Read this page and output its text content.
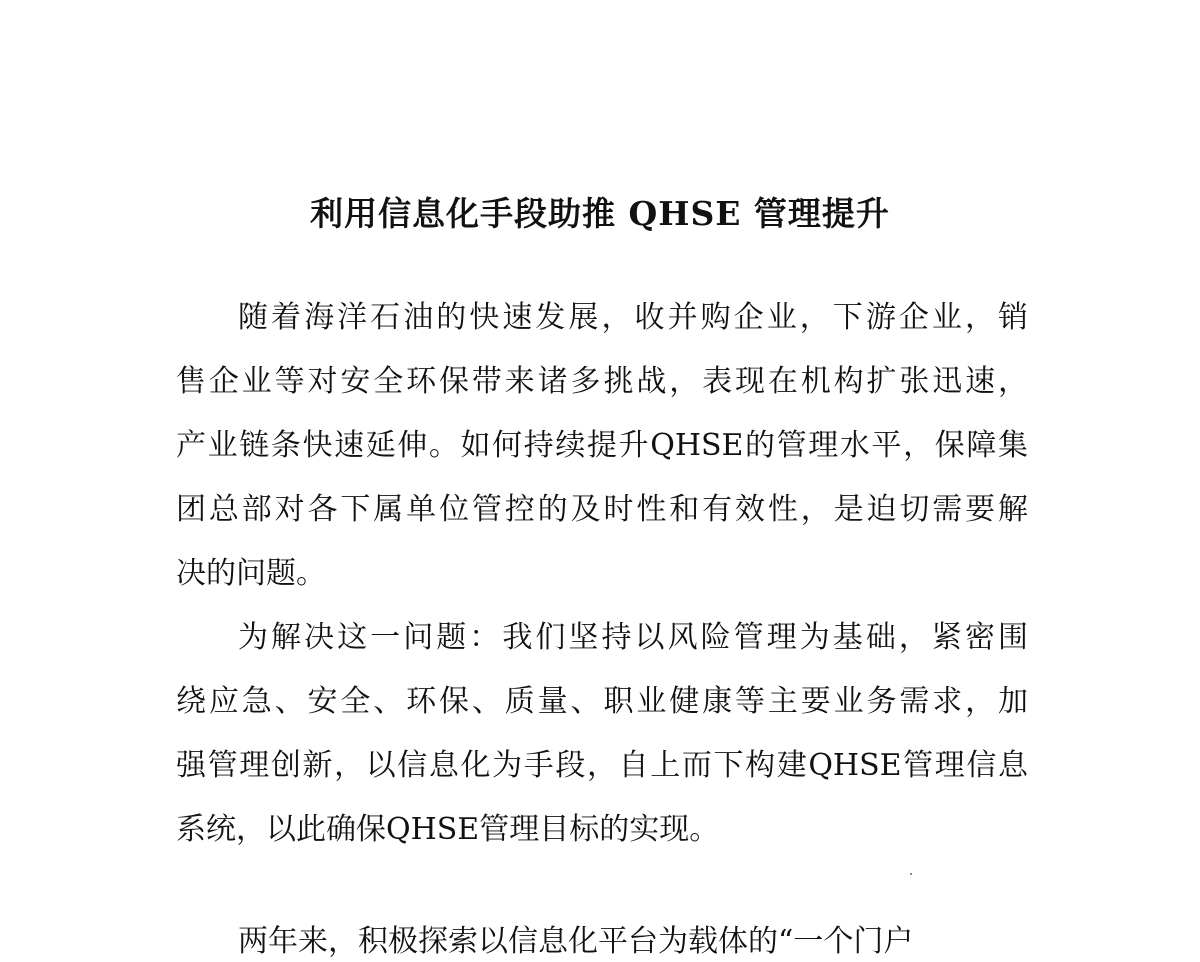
利用信息化手段助推 QHSE 管理提升
随着海洋石油的快速发展，收并购企业，下游企业，销
售企业等对安全环保带来诸多挑战，表现在机构扩张迅速，
产业链条快速延伸。如何持续提升QHSE的管理水平，保障集
团总部对各下属单位管控的及时性和有效性，是迫切需要解
决的问题。
为解决这一问题：我们坚持以风险管理为基础，紧密围
绕应急、安全、环保、质量、职业健康等主要业务需求，加
强管理创新，以信息化为手段，自上而下构建QHSE管理信息
系统，以此确保QHSE管理目标的实现。
两年来，积极探索以信息化平台为载体的“一个门户
